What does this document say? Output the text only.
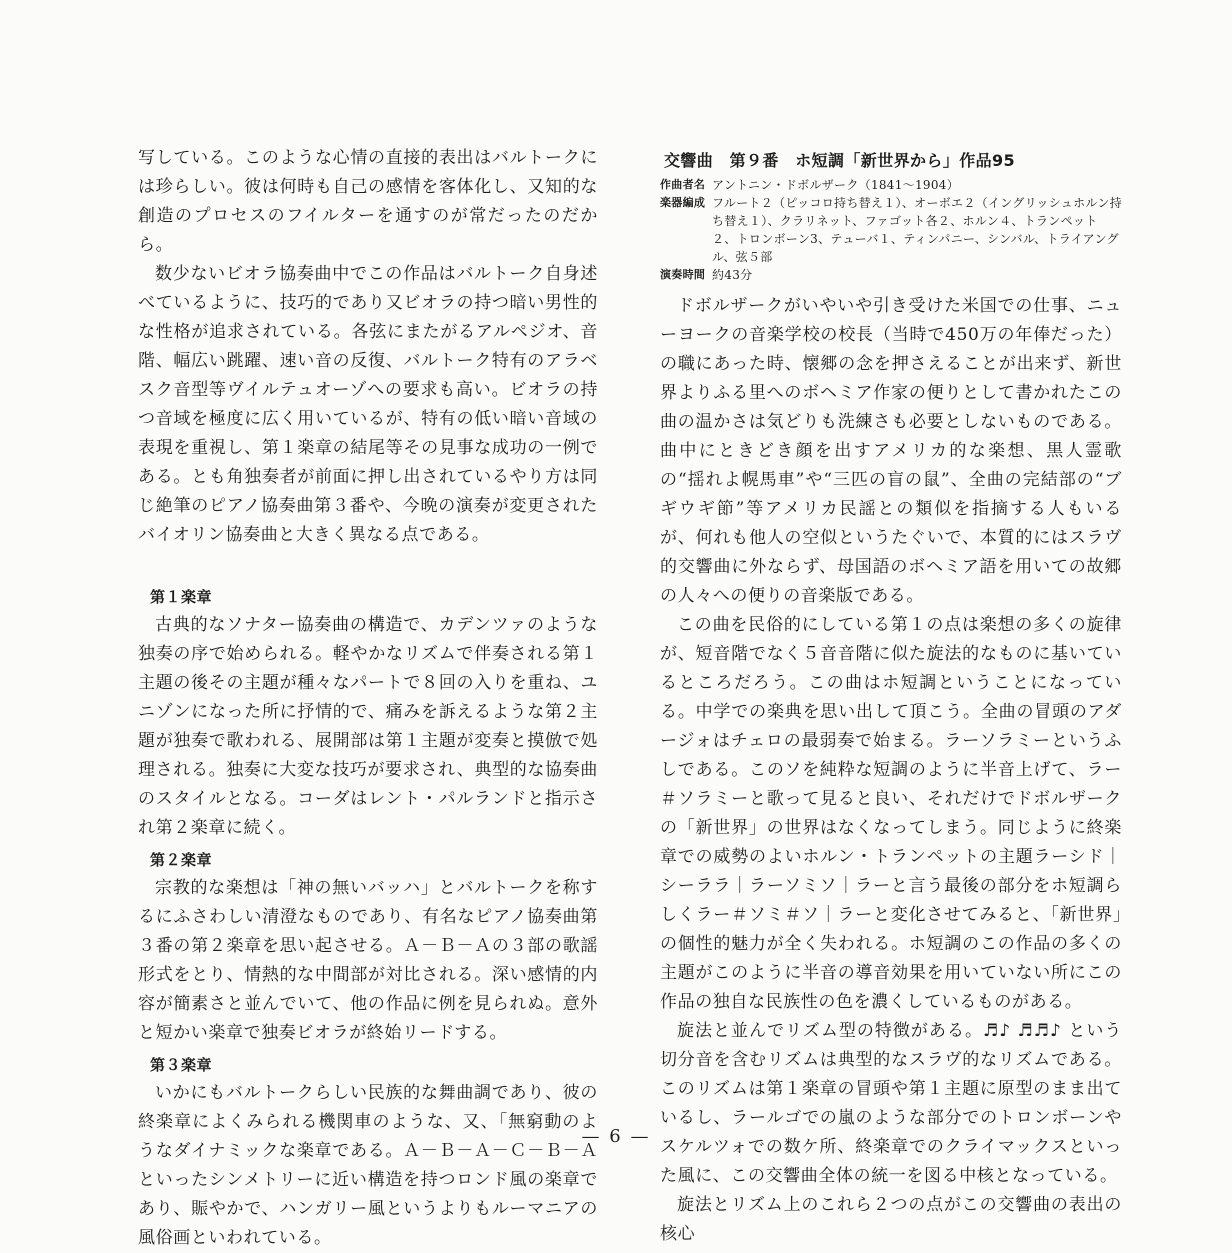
写している。このような心情の直接的表出はバルトークには珍らしい。彼は何時も自己の感情を客体化し、又知的な創造のプロセスのフイルターを通すのが常だったのだから。

数少ないビオラ協奏曲中でこの作品はバルトーク自身述べているように、技巧的であり又ビオラの持つ暗い男性的な性格が追求されている。各弦にまたがるアルペジオ、音階、幅広い跳躍、速い音の反復、バルトーク特有のアラベスク音型等ヴイルテュオーゾへの要求も高い。ビオラの持つ音域を極度に広く用いているが、特有の低い暗い音域の表現を重視し、第１楽章の結尾等その見事な成功の一例である。とも角独奏者が前面に押し出されているやり方は同じ絶筆のピアノ協奏曲第３番や、今晩の演奏が変更されたバイオリン協奏曲と大きく異なる点である。

第１楽章

古典的なソナター協奏曲の構造で、カデンツァのような独奏の序で始められる。軽やかなリズムで伴奏される第１主題の後その主題が種々なパートで８回の入りを重ね、ユニゾンになった所に抒情的で、痛みを訴えるような第２主題が独奏で歌われる、展開部は第１主題が変奏と摸倣で処理される。独奏に大変な技巧が要求され、典型的な協奏曲のスタイルとなる。コーダはレント・パルランドと指示され第２楽章に続く。

第２楽章

宗教的な楽想は「神の無いバッハ」とバルトークを称するにふさわしい清澄なものであり、有名なピアノ協奏曲第３番の第２楽章を思い起させる。Ａ－Ｂ－Ａの３部の歌謡形式をとり、情熱的な中間部が対比される。深い感情的内容が簡素さと並んでいて、他の作品に例を見られぬ。意外と短かい楽章で独奏ビオラが終始リードする。

第３楽章

いかにもバルトークらしい民族的な舞曲調であり、彼の終楽章によくみられる機関車のような、又、「無窮動のようなダイナミックな楽章である。Ａ－Ｂ－Ａ－Ｃ－Ｂ－Ａといったシンメトリーに近い構造を持つロンド風の楽章であり、賑やかで、ハンガリー風というよりもルーマニアの風俗画といわれている。

交響曲　第９番　ホ短調「新世界から」作品95
作曲者名 アントニン・ドボルザーク（1841～1904）
楽器編成 フルート２（ピッコロ持ち替え１）、オーボエ２（イングリッシュホルン持ち替え１）、クラリネット、ファゴット各２、ホルン４、トランペット２、トロンボーン3、テューバ１、ティンパニー、シンバル、トライアングル、弦５部
演奏時間 約43分

ドボルザークがいやいや引き受けた米国での仕事、ニューヨークの音楽学校の校長（当時で450万の年俸だった）の職にあった時、懐郷の念を押さえることが出来ず、新世界よりふる里へのボヘミア作家の便りとして書かれたこの曲の温かさは気どりも洗練さも必要としないものである。曲中にときどき顔を出すアメリカ的な楽想、黒人霊歌の“揺れよ幌馬車”や“三匹の盲の鼠”、全曲の完結部の“ブギウギ節”等アメリカ民謡との類似を指摘する人もいるが、何れも他人の空似というたぐいで、本質的にはスラヴ的交響曲に外ならず、母国語のボヘミア語を用いての故郷の人々への便りの音楽版である。

この曲を民俗的にしている第１の点は楽想の多くの旋律が、短音階でなく５音音階に似た旋法的なものに基いているところだろう。この曲はホ短調ということになっている。中学での楽典を思い出して頂こう。全曲の冒頭のアダージォはチェロの最弱奏で始まる。ラーソラミーというふしである。このソを純粋な短調のように半音上げて、ラー＃ソラミーと歌って見ると良い、それだけでドボルザークの「新世界」の世界はなくなってしまう。同じように終楽章での威勢のよいホルン・トランペットの主題ラーシド｜シーララ｜ラーソミソ｜ラーと言う最後の部分をホ短調らしくラー＃ソミ＃ソ｜ラーと変化させてみると、「新世界」の個性的魅力が全く失われる。ホ短調のこの作品の多くの主題がこのように半音の導音効果を用いていない所にこの作品の独自な民族性の色を濃くしているものがある。

旋法と並んでリズム型の特徴がある。♬♪ ♬♬♪ という切分音を含むリズムは典型的なスラヴ的なリズムである。このリズムは第１楽章の冒頭や第１主題に原型のまま出ているし、ラールゴでの嵐のような部分でのトロンボーンやスケルツォでの数ケ所、終楽章でのクライマックスといった風に、この交響曲全体の統一を図る中核となっている。

旋法とリズム上のこれら２つの点がこの交響曲の表出の核心

— 6 —
